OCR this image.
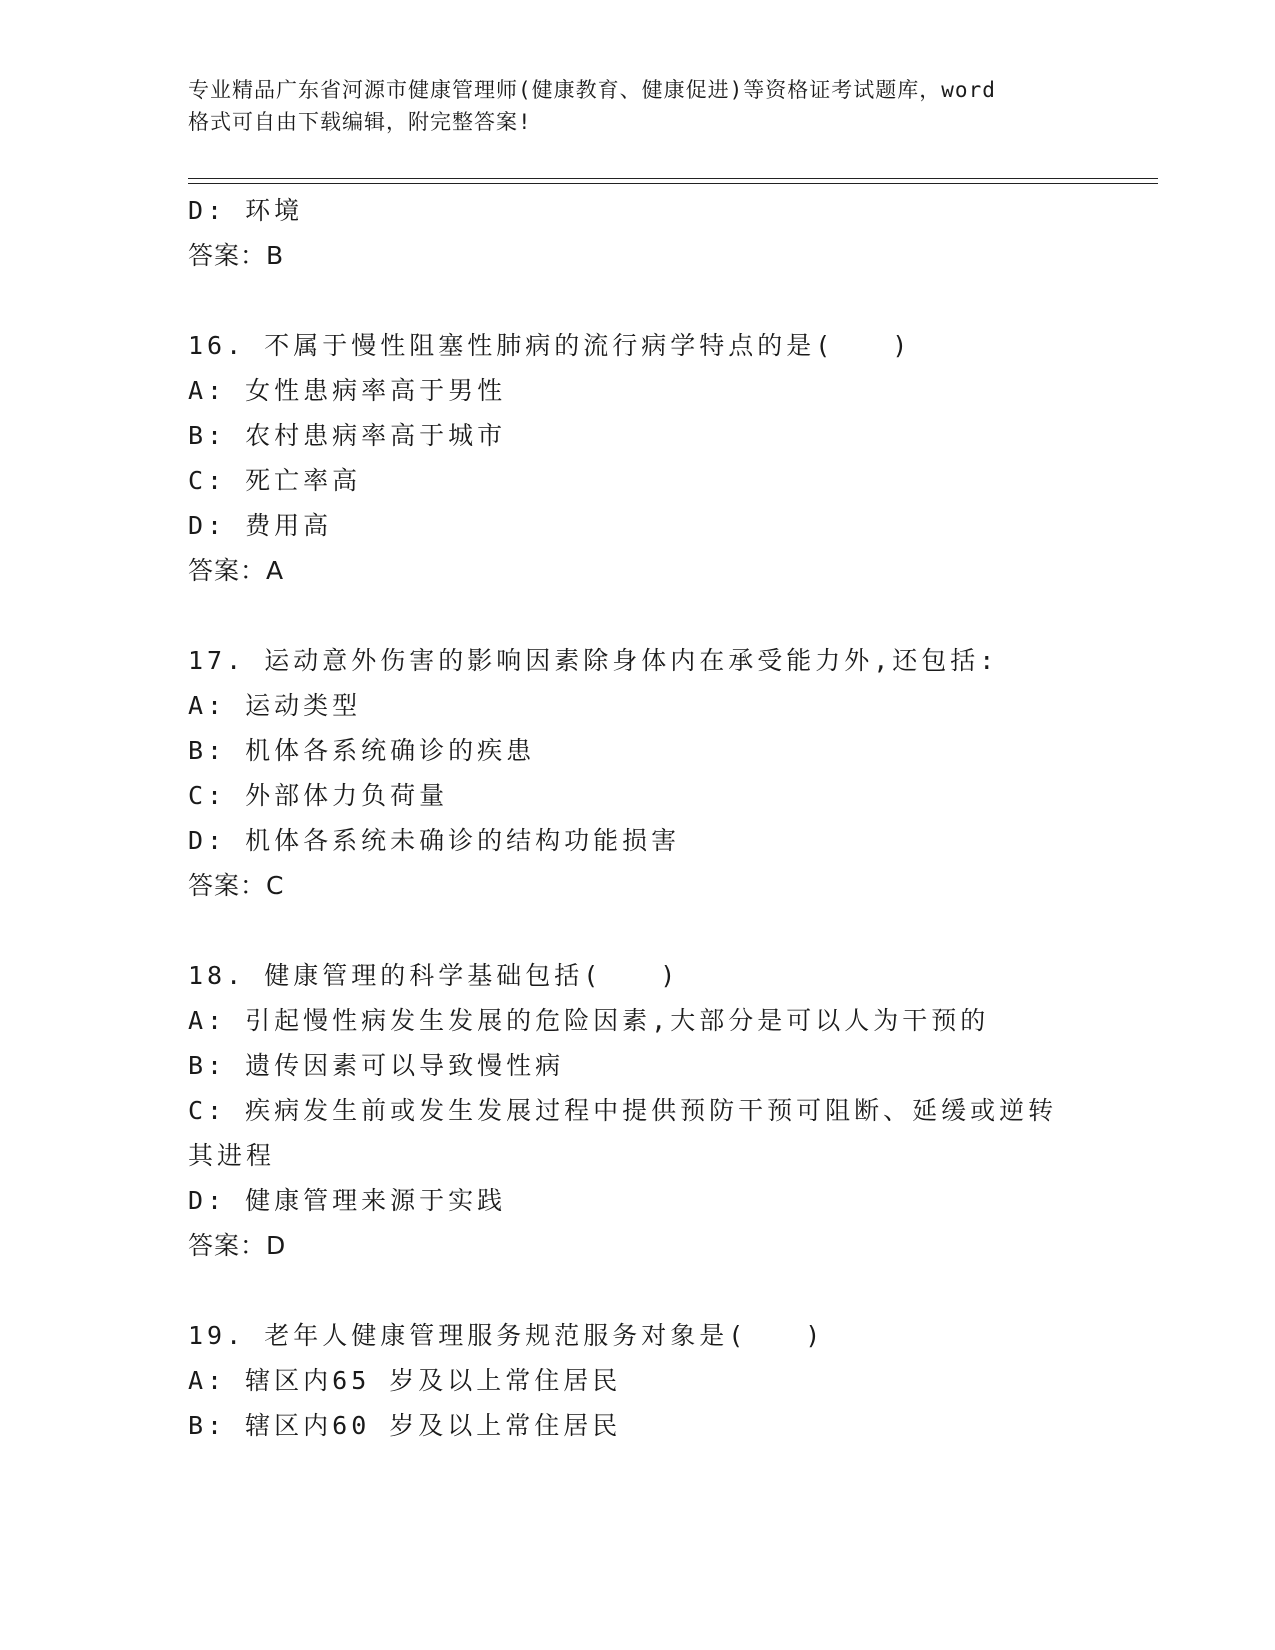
专业精品广东省河源市健康管理师(健康教育、健康促进)等资格证考试题库，word
格式可自由下载编辑，附完整答案!
D: 环境
答案：B
16. 不属于慢性阻塞性肺病的流行病学特点的是(　　)
A: 女性患病率高于男性
B: 农村患病率高于城市
C: 死亡率高
D: 费用高
答案：A
17. 运动意外伤害的影响因素除身体内在承受能力外,还包括:
A: 运动类型
B: 机体各系统确诊的疾患
C: 外部体力负荷量
D: 机体各系统未确诊的结构功能损害
答案：C
18. 健康管理的科学基础包括(　　)
A: 引起慢性病发生发展的危险因素,大部分是可以人为干预的
B: 遗传因素可以导致慢性病
C: 疾病发生前或发生发展过程中提供预防干预可阻断、延缓或逆转其进程
D: 健康管理来源于实践
答案：D
19. 老年人健康管理服务规范服务对象是(　　)
A: 辖区内65 岁及以上常住居民
B: 辖区内60 岁及以上常住居民
